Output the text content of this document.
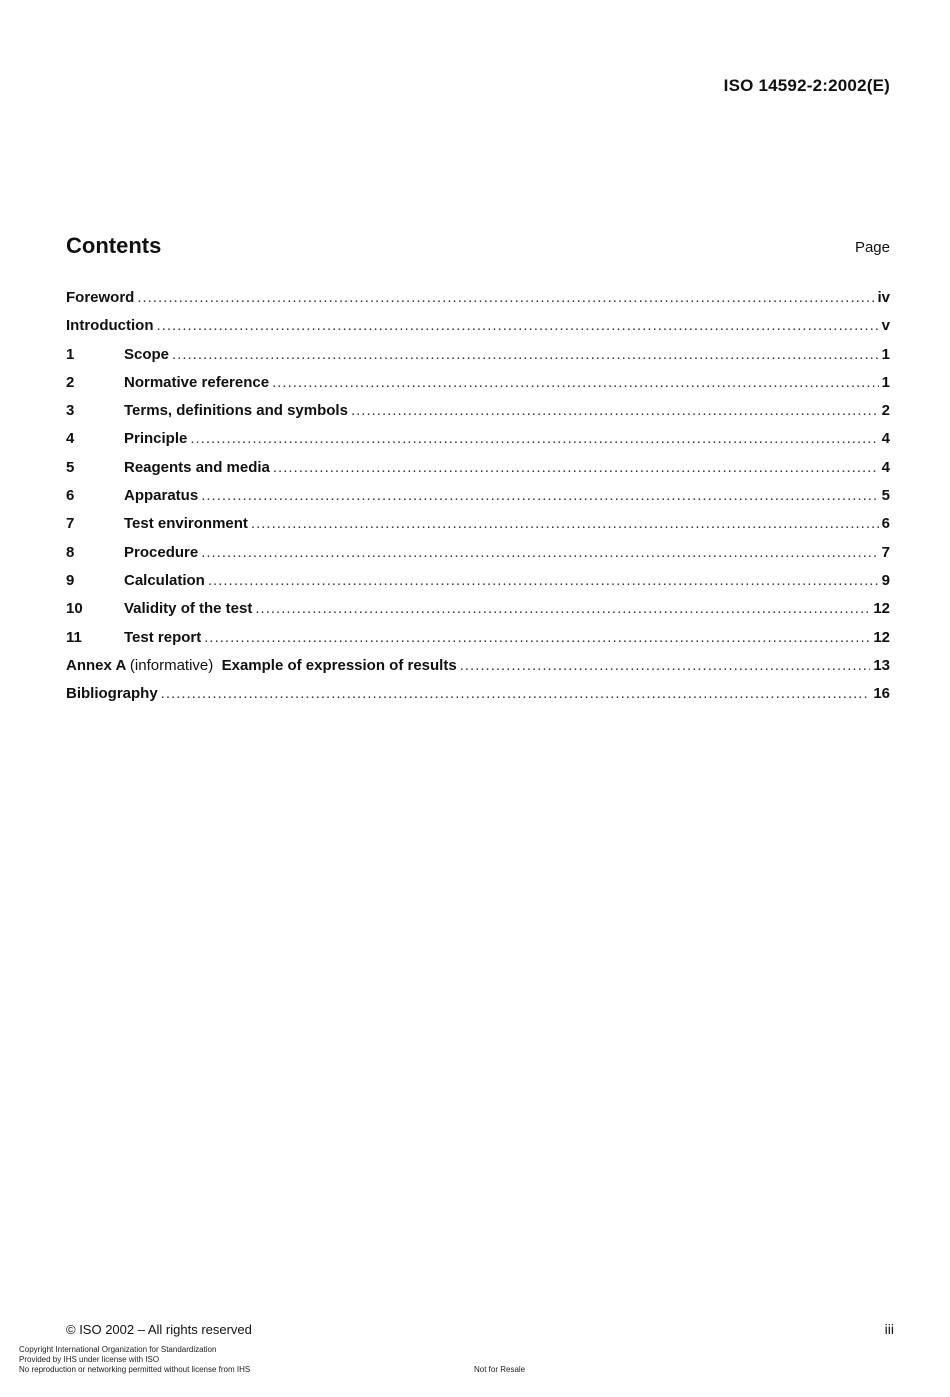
ISO 14592-2:2002(E)
Contents	Page
Foreword .....	iv
Introduction .....	v
1	Scope .....	1
2	Normative reference .....	1
3	Terms, definitions and symbols .....	2
4	Principle .....	4
5	Reagents and media .....	4
6	Apparatus .....	5
7	Test environment .....	6
8	Procedure .....	7
9	Calculation .....	9
10	Validity of the test .....	12
11	Test report .....	12
Annex A (informative) Example of expression of results .....	13
Bibliography .....	16
© ISO 2002 – All rights reserved	iii
Copyright International Organization for Standardization
Provided by IHS under license with ISO
No reproduction or networking permitted without license from IHS	Not for Resale
